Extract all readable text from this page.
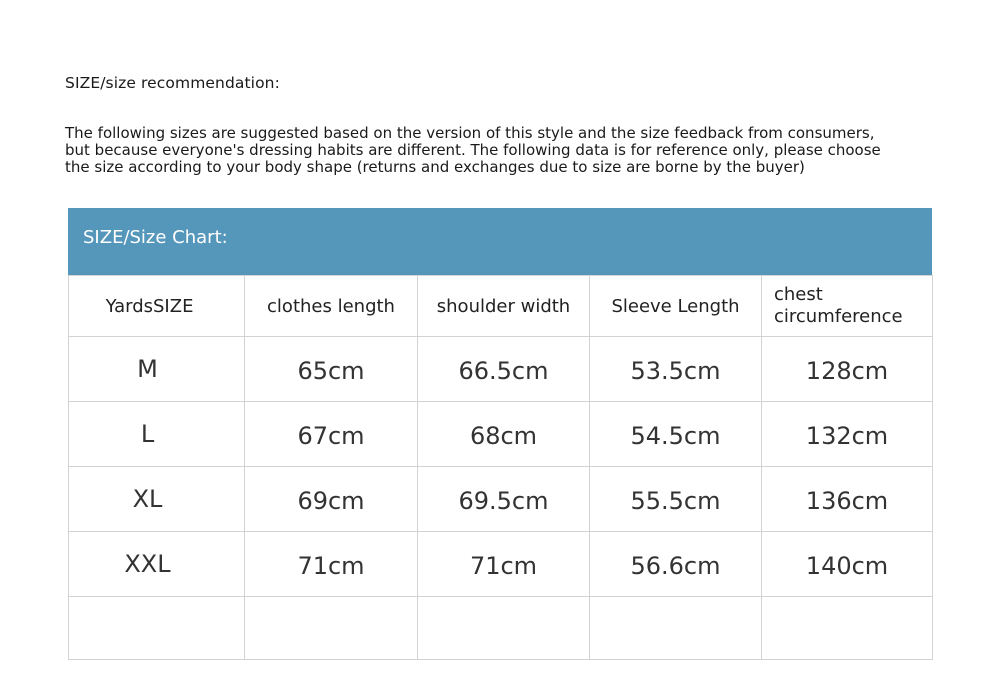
SIZE/size recommendation:
The following sizes are suggested based on the version of this style and the size feedback from consumers,
but because everyone's dressing habits are different. The following data is for reference only, please choose
the size according to your body shape (returns and exchanges due to size are borne by the buyer)
SIZE/Size Chart:
YardsSIZE	clothes length	shoulder width	Sleeve Length	chest
circumference
M	65cm	66.5cm	53.5cm	128cm
L	67cm	68cm	54.5cm	132cm
XL	69cm	69.5cm	55.5cm	136cm
XXL	71cm	71cm	56.6cm	140cm
